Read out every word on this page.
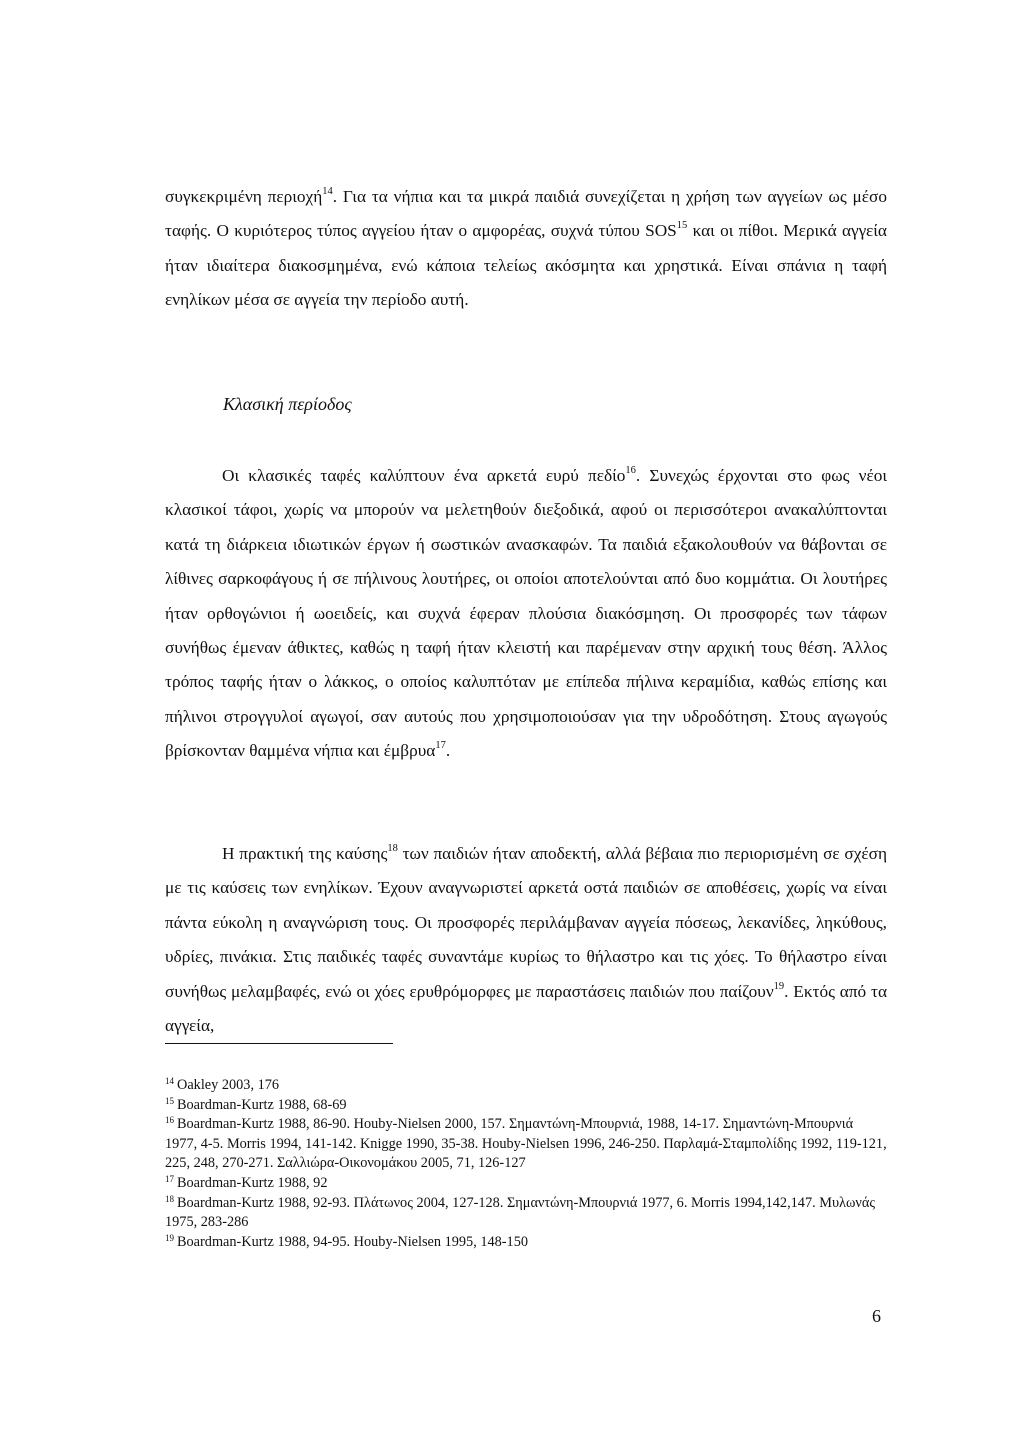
συγκεκριμένη περιοχή$^{14}$. Για τα νήπια και τα μικρά παιδιά συνεχίζεται η χρήση των αγγείων ως μέσο ταφής. Ο κυριότερος τύπος αγγείου ήταν ο αμφορέας, συχνά τύπου SOS$^{15}$ και οι πίθοι. Μερικά αγγεία ήταν ιδιαίτερα διακοσμημένα, ενώ κάποια τελείως ακόσμητα και χρηστικά. Είναι σπάνια η ταφή ενηλίκων μέσα σε αγγεία την περίοδο αυτή.

Κλασική περίοδος

Οι κλασικές ταφές καλύπτουν ένα αρκετά ευρύ πεδίο$^{16}$. Συνεχώς έρχονται στο φως νέοι κλασικοί τάφοι, χωρίς να μπορούν να μελετηθούν διεξοδικά, αφού οι περισσότεροι ανακαλύπτονται κατά τη διάρκεια ιδιωτικών έργων ή σωστικών ανασκαφών. Τα παιδιά εξακολουθούν να θάβονται σε λίθινες σαρκοφάγους ή σε πήλινους λουτήρες, οι οποίοι αποτελούνται από δυο κομμάτια. Οι λουτήρες ήταν ορθογώνιοι ή ωοειδείς, και συχνά έφεραν πλούσια διακόσμηση. Οι προσφορές των τάφων συνήθως έμεναν άθικτες, καθώς η ταφή ήταν κλειστή και παρέμεναν στην αρχική τους θέση. Άλλος τρόπος ταφής ήταν ο λάκκος, ο οποίος καλυπτόταν με επίπεδα πήλινα κεραμίδια, καθώς επίσης και πήλινοι στρογγυλοί αγωγοί, σαν αυτούς που χρησιμοποιούσαν για την υδροδότηση. Στους αγωγούς βρίσκονταν θαμμένα νήπια και έμβρυα$^{17}$.

Η πρακτική της καύσης$^{18}$ των παιδιών ήταν αποδεκτή, αλλά βέβαια πιο περιορισμένη σε σχέση με τις καύσεις των ενηλίκων. Έχουν αναγνωριστεί αρκετά οστά παιδιών σε αποθέσεις, χωρίς να είναι πάντα εύκολη η αναγνώριση τους. Οι προσφορές περιλάμβαναν αγγεία πόσεως, λεκανίδες, ληκύθους, υδρίες, πινάκια. Στις παιδικές ταφές συναντάμε κυρίως το θήλαστρο και τις χόες. Το θήλαστρο είναι συνήθως μελαμβαφές, ενώ οι χόες ερυθρόμορφες με παραστάσεις παιδιών που παίζουν$^{19}$. Εκτός από τα αγγεία,

$^{14}$ Oakley 2003, 176

$^{15}$ Boardman-Kurtz 1988, 68-69

$^{16}$ Boardman-Kurtz 1988, 86-90. Houby-Nielsen 2000, 157. Σημαντώνη-Μπουρνιά, 1988, 14-17. Σημαντώνη-Μπουρνιά 1977, 4-5. Morris 1994, 141-142. Knigge 1990, 35-38. Houby-Nielsen 1996, 246-250. Παρλαμά-Σταμπολίδης 1992, 119-121, 225, 248, 270-271. Σαλλιώρα-Οικονομάκου 2005, 71, 126-127

$^{17}$ Boardman-Kurtz 1988, 92

$^{18}$ Boardman-Kurtz 1988, 92-93. Πλάτωνος 2004, 127-128. Σημαντώνη-Μπουρνιά 1977, 6. Morris 1994,142,147. Μυλωνάς 1975, 283-286

$^{19}$ Boardman-Kurtz 1988, 94-95. Houby-Nielsen 1995, 148-150

6
